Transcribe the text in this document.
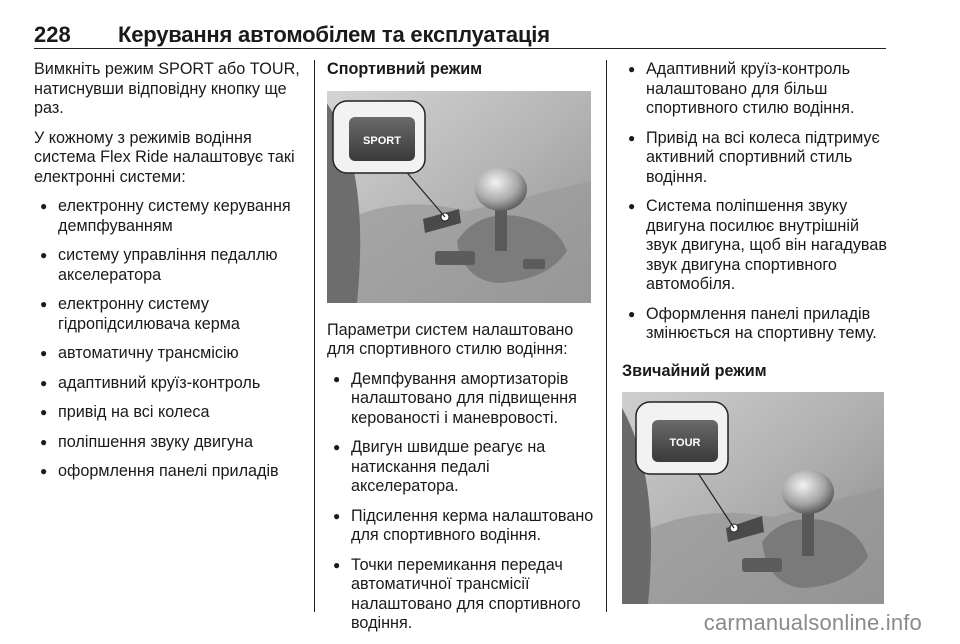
228 Керування автомобілем та експлуатація

Вимкніть режим SPORT або TOUR, натиснувши відповідну кнопку ще раз.

У кожному з режимів водіння система Flex Ride налаштовує такі електронні системи:

● електронну систему керування демпфуванням
● систему управління педаллю акселератора
● електронну систему гідропідсилювача керма
● автоматичну трансмісію
● адаптивний круїз-контроль
● привід на всі колеса
● поліпшення звуку двигуна
● оформлення панелі приладів
Спортивний режим
SPORT

Параметри систем налаштовано для спортивного стилю водіння:

● Демпфування амортизаторів налаштовано для підвищення керованості і маневровості.
● Двигун швидше реагує на натискання педалі акселератора.
● Підсилення керма налаштовано для спортивного водіння.
● Точки перемикання передач автоматичної трансмісії налаштовано для спортивного водіння.
● Адаптивний круїз-контроль налаштовано для більш спортивного стилю водіння.
● Привід на всі колеса підтримує активний спортивний стиль водіння.
● Система поліпшення звуку двигуна посилює внутрішній звук двигуна, щоб він нагадував звук двигуна спортивного автомобіля.
● Оформлення панелі приладів змінюється на спортивну тему.
Звичайний режим
TOUR
carmanualsonline.info
